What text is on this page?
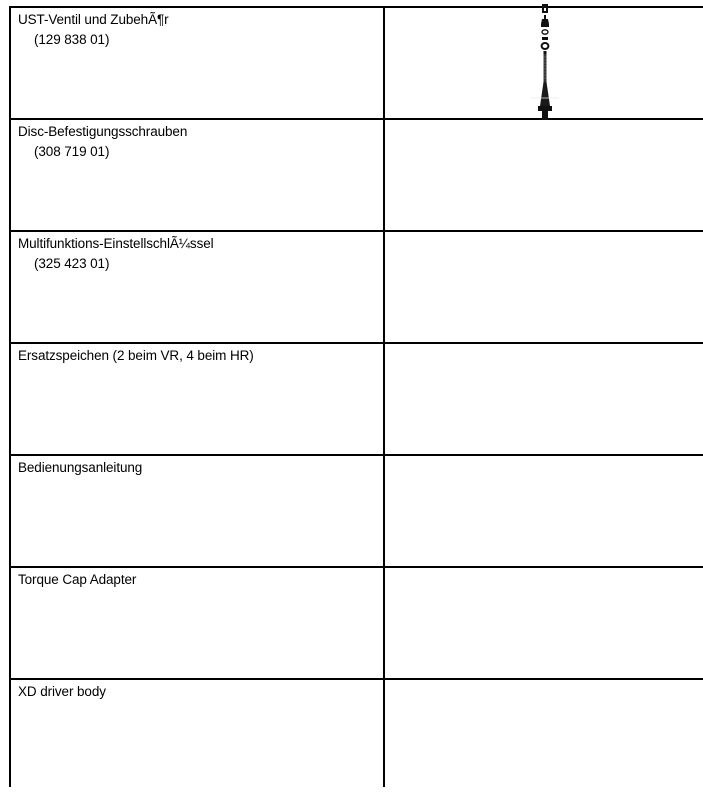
UST-Ventil und ZubehÃ¶r
(129 838 01)

Disc-Befestigungsschrauben
(308 719 01)	

Multifunktions-EinstellschlÃ¼ssel
(325 423 01)	

Ersatzspeichen (2 beim VR, 4 beim HR)	

Bedienungsanleitung	

Torque Cap Adapter	

XD driver body	
